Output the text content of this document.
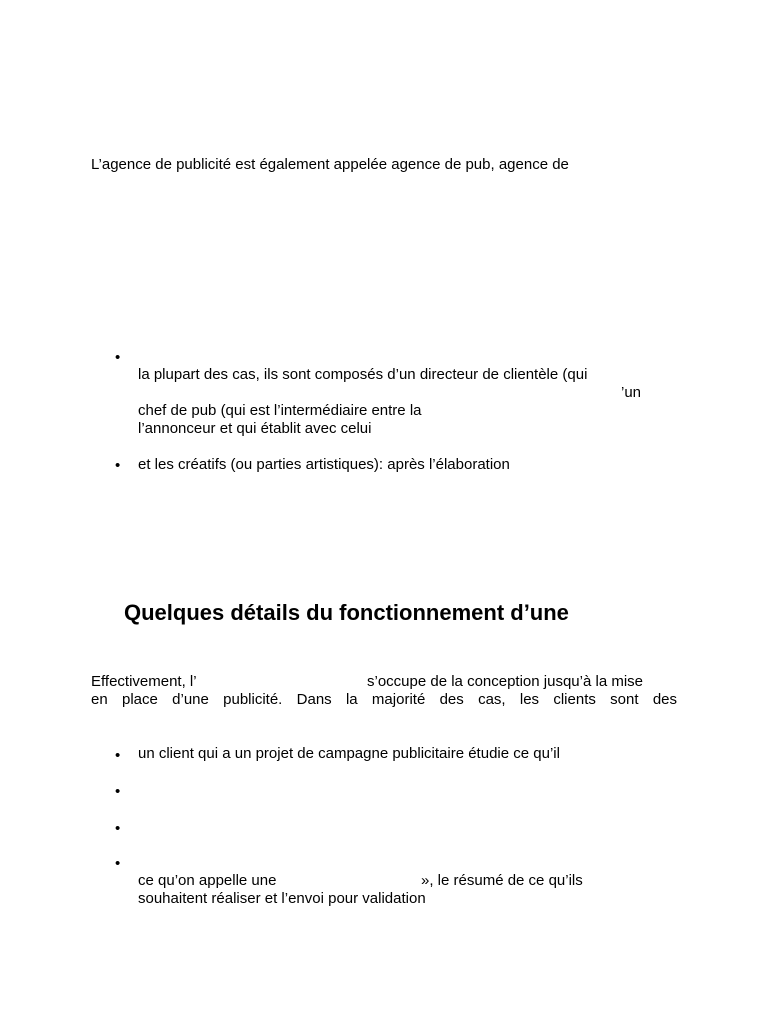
L’agence de publicité est également appelée agence de pub, agence de
•
la plupart des cas, ils sont composés d’un directeur de clientèle (qui
’un
chef de pub (qui est l’intermédiaire entre la
l’annonceur et qui établit avec celui
• et les créatifs (ou parties artistiques): après l’élaboration
Quelques détails du fonctionnement d’une
Effectivement, l’	s’occupe de la conception jusqu’à la mise
en place d’une publicité. Dans la majorité des cas, les clients sont des
• un client qui a un projet de campagne publicitaire étudie ce qu’il
•
•
•
ce qu’on appelle une	», le résumé de ce qu’ils
souhaitent réaliser et l’envoi pour validation
